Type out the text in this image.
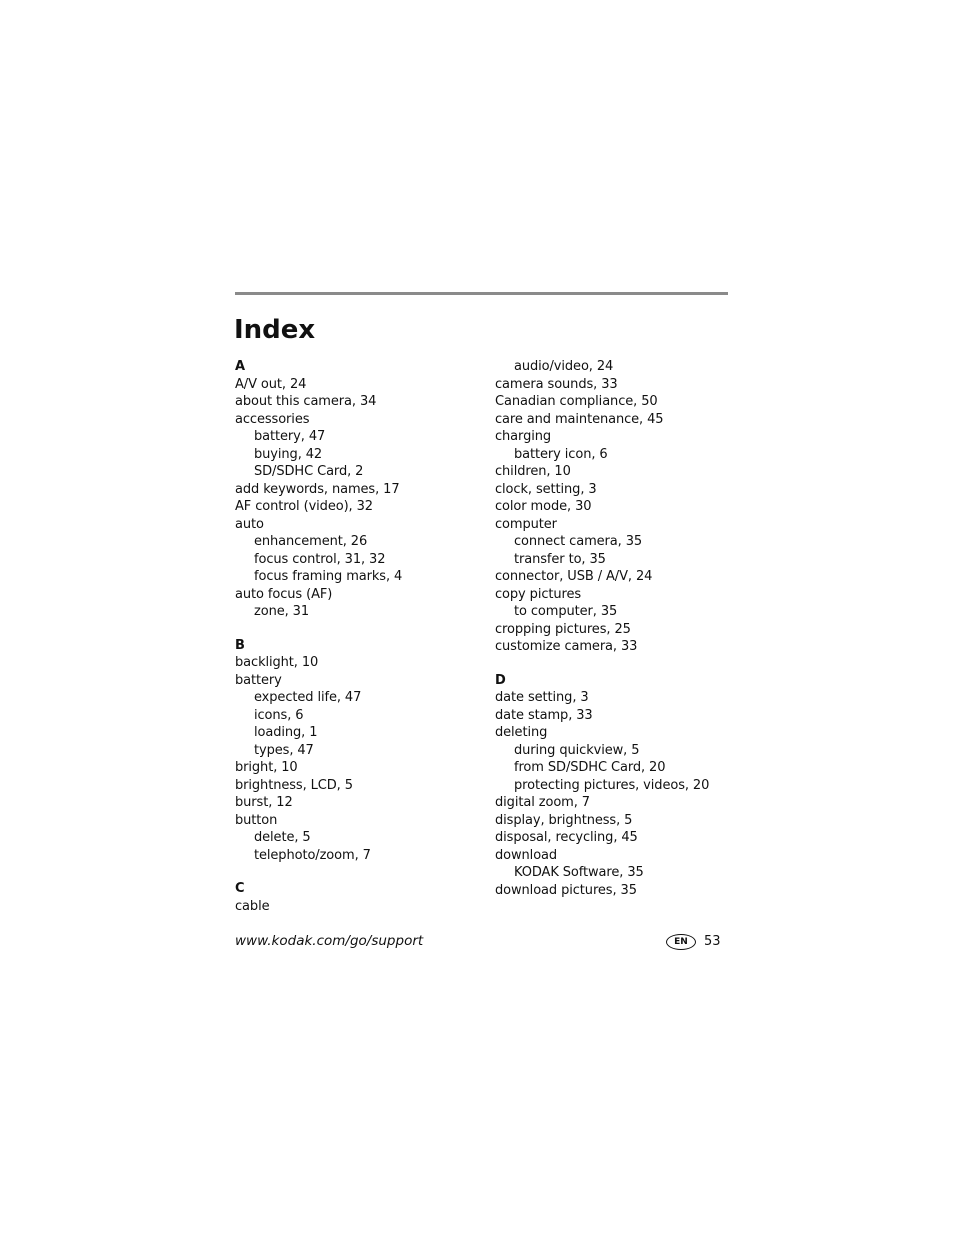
Index
A
A/V out, 24
about this camera, 34
accessories
battery, 47
buying, 42
SD/SDHC Card, 2
add keywords, names, 17
AF control (video), 32
auto
enhancement, 26
focus control, 31, 32
focus framing marks, 4
auto focus (AF)
zone, 31
B
backlight, 10
battery
expected life, 47
icons, 6
loading, 1
types, 47
bright, 10
brightness, LCD, 5
burst, 12
button
delete, 5
telephoto/zoom, 7
C
cable
audio/video, 24
camera sounds, 33
Canadian compliance, 50
care and maintenance, 45
charging
battery icon, 6
children, 10
clock, setting, 3
color mode, 30
computer
connect camera, 35
transfer to, 35
connector, USB / A/V, 24
copy pictures
to computer, 35
cropping pictures, 25
customize camera, 33
D
date setting, 3
date stamp, 33
deleting
during quickview, 5
from SD/SDHC Card, 20
protecting pictures, videos, 20
digital zoom, 7
display, brightness, 5
disposal, recycling, 45
download
KODAK Software, 35
download pictures, 35
www.kodak.com/go/support	EN	53
